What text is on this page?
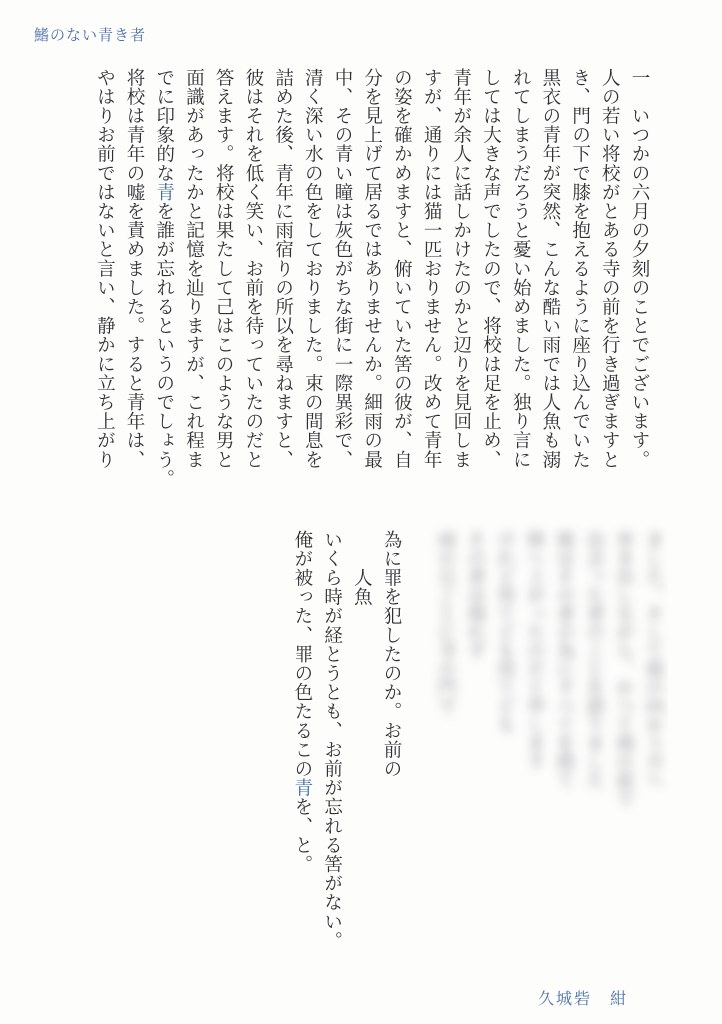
鰭のない青き者
一　いつかの六月の夕刻のことでございます。
人の若い将校がとある寺の前を行き過ぎますと
き、門の下で膝を抱えるように座り込んでいた
黒衣の青年が突然、こんな酷い雨では人魚も溺
れてしまうだろうと憂い始めました。独り言に
しては大きな声でしたので、将校は足を止め、
青年が余人に話しかけたのかと辺りを見回しま
すが、通りには猫一匹おりません。改めて青年
の姿を確かめますと、俯いていた筈の彼が、自
分を見上げて居るではありませんか。細雨の最
中、その青い瞳は灰色がちな街に一際異彩で、
清く深い水の色をしておりました。束の間息を
詰めた後、青年に雨宿りの所以を尋ねますと、
彼はそれを低く笑い、お前を待っていたのだと
答えます。将校は果たして己はこのような男と
面識があったかと記憶を辿りますが、これ程ま
でに印象的な青を誰が忘れるというのでしょう。
将校は青年の嘘を責めました。すると青年は、
やはりお前ではないと言い、静かに立ち上がり
ました。そして彼の向かう方へ
歩き出しながら、かつて海の底で
出会った者のことを語りました
彼はその者の為にすべてを捨て
陸へ上がったのだと申します
けれど待てども待てども
その者は現れず
雨の日ごとに寺の門で
為に罪を犯したのか。お前の
　　人魚
いくら時が経とうとも、お前が忘れる筈がない。
俺が被った、罪の色たるこの青を、と。
久城砦　紺
